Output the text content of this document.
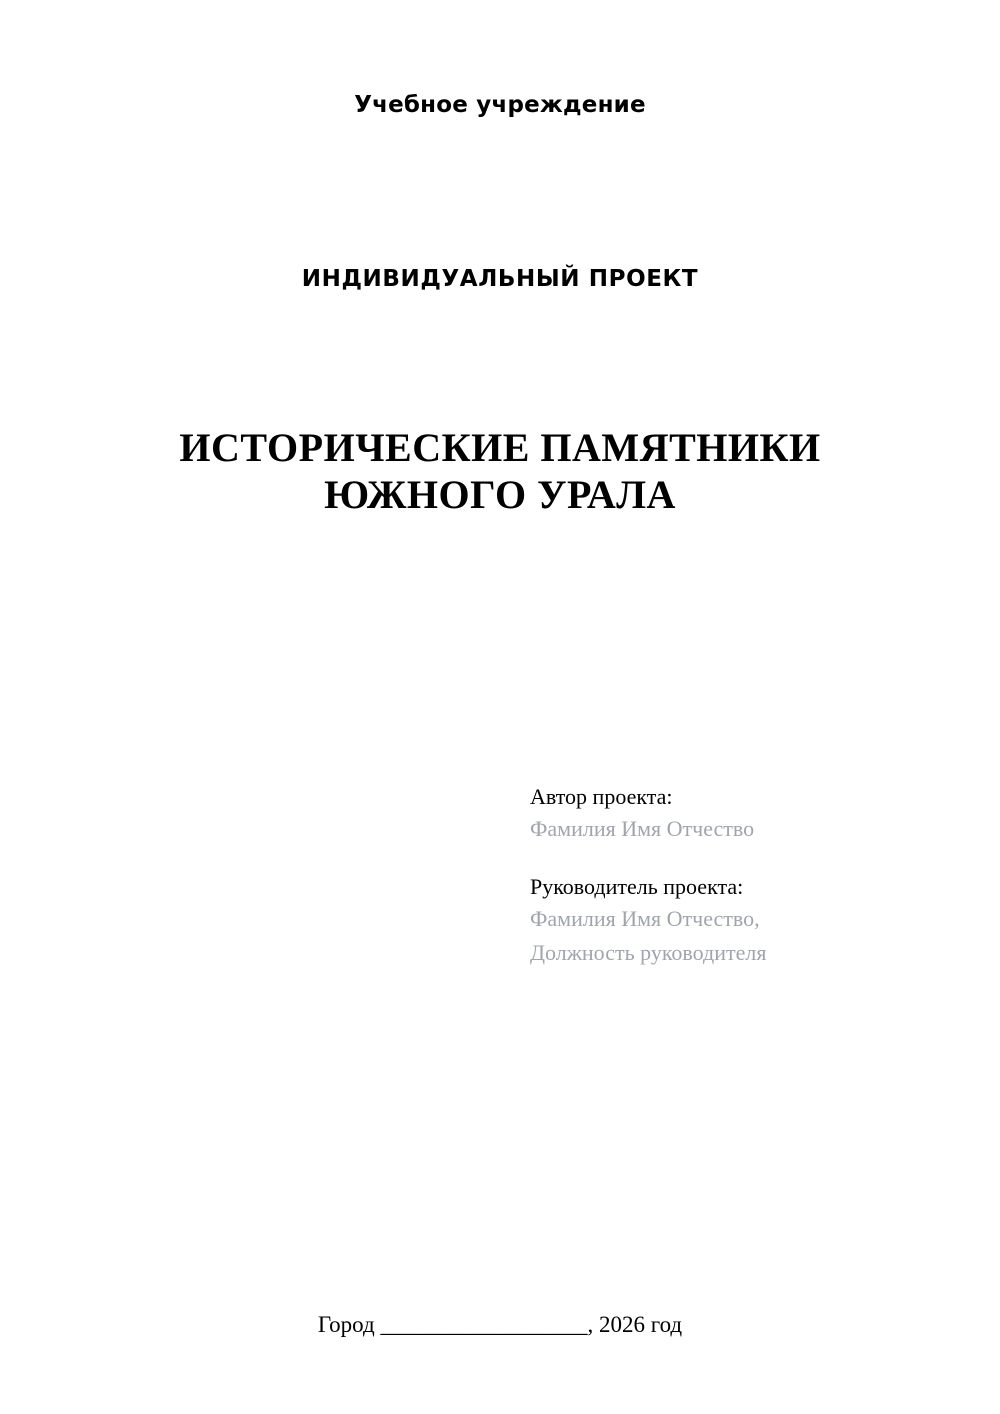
Учебное учреждение
ИНДИВИДУАЛЬНЫЙ ПРОЕКТ
ИСТОРИЧЕСКИЕ ПАМЯТНИКИ
ЮЖНОГО УРАЛА
Автор проекта:
Фамилия Имя Отчество
Руководитель проекта:
Фамилия Имя Отчество,
Должность руководителя
Город __________________, 2026 год
